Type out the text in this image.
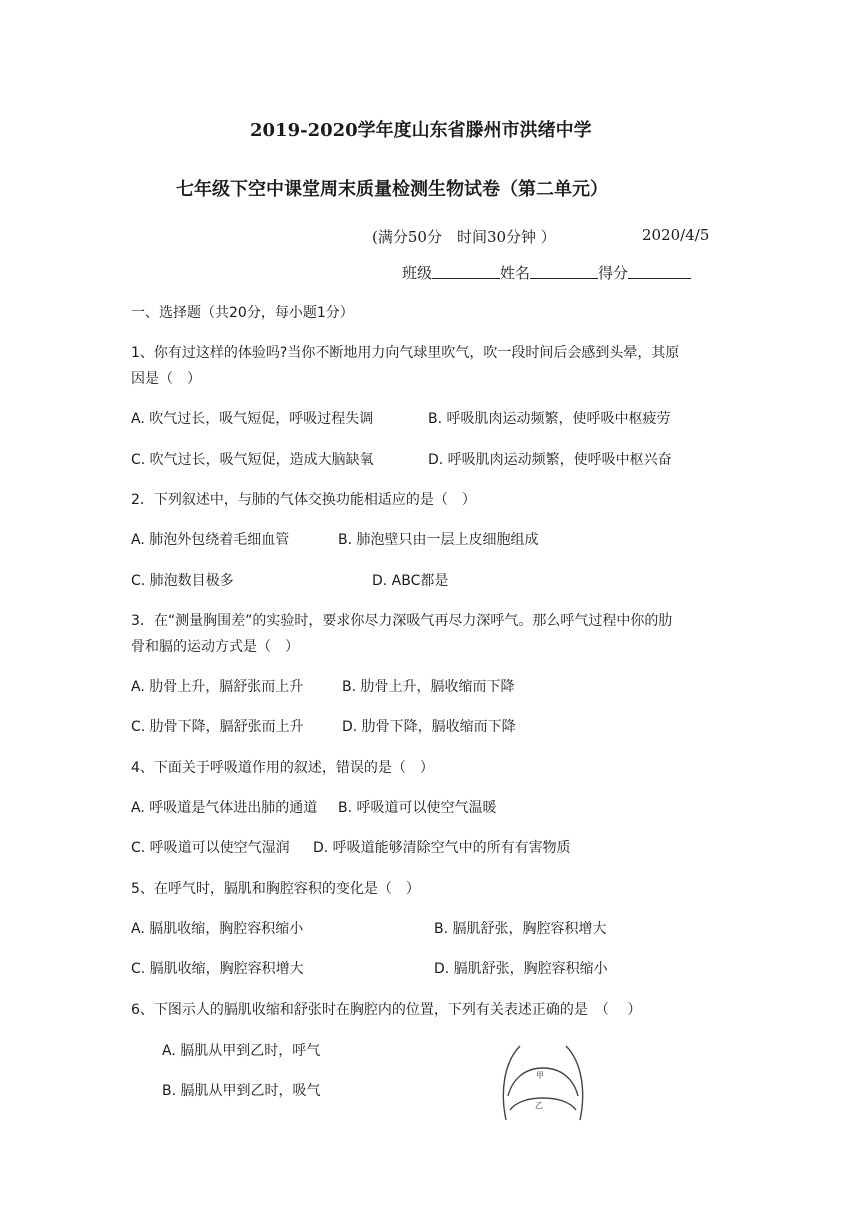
2019-2020学年度山东省滕州市洪绪中学
七年级下空中课堂周末质量检测生物试卷（第二单元）
(满分50分　时间30分钟 ）	2020/4/5
班级	姓名	得分
一、选择题（共20分，每小题1分）
1、你有过这样的体验吗?当你不断地用力向气球里吹气，吹一段时间后会感到头晕，其原
因是（　）
A. 吹气过长，吸气短促，呼吸过程失调	B. 呼吸肌肉运动频繁，使呼吸中枢疲劳
C. 吹气过长，吸气短促，造成大脑缺氧	D. 呼吸肌肉运动频繁，使呼吸中枢兴奋
2．下列叙述中，与肺的气体交换功能相适应的是（　）
A. 肺泡外包绕着毛细血管	B. 肺泡壁只由一层上皮细胞组成
C. 肺泡数目极多	D. ABC都是
3．在“测量胸围差”的实验时，要求你尽力深吸气再尽力深呼气。那么呼气过程中你的肋
骨和膈的运动方式是（　）
A. 肋骨上升，膈舒张而上升	B. 肋骨上升，膈收缩而下降
C. 肋骨下降，膈舒张而上升	D. 肋骨下降，膈收缩而下降
4、下面关于呼吸道作用的叙述，错误的是（　）
A. 呼吸道是气体进出肺的通道 B. 呼吸道可以使空气温暖
C. 呼吸道可以使空气湿润 D. 呼吸道能够清除空气中的所有有害物质
5、在呼气时，膈肌和胸腔容积的变化是（　）
A. 膈肌收缩，胸腔容积缩小	B. 膈肌舒张，胸腔容积增大
C. 膈肌收缩，胸腔容积增大	D. 膈肌舒张，胸腔容积缩小
6、下图示人的膈肌收缩和舒张时在胸腔内的位置，下列有关表述正确的是　（　 ）
A. 膈肌从甲到乙时，呼气
B. 膈肌从甲到乙时，吸气
甲
乙
